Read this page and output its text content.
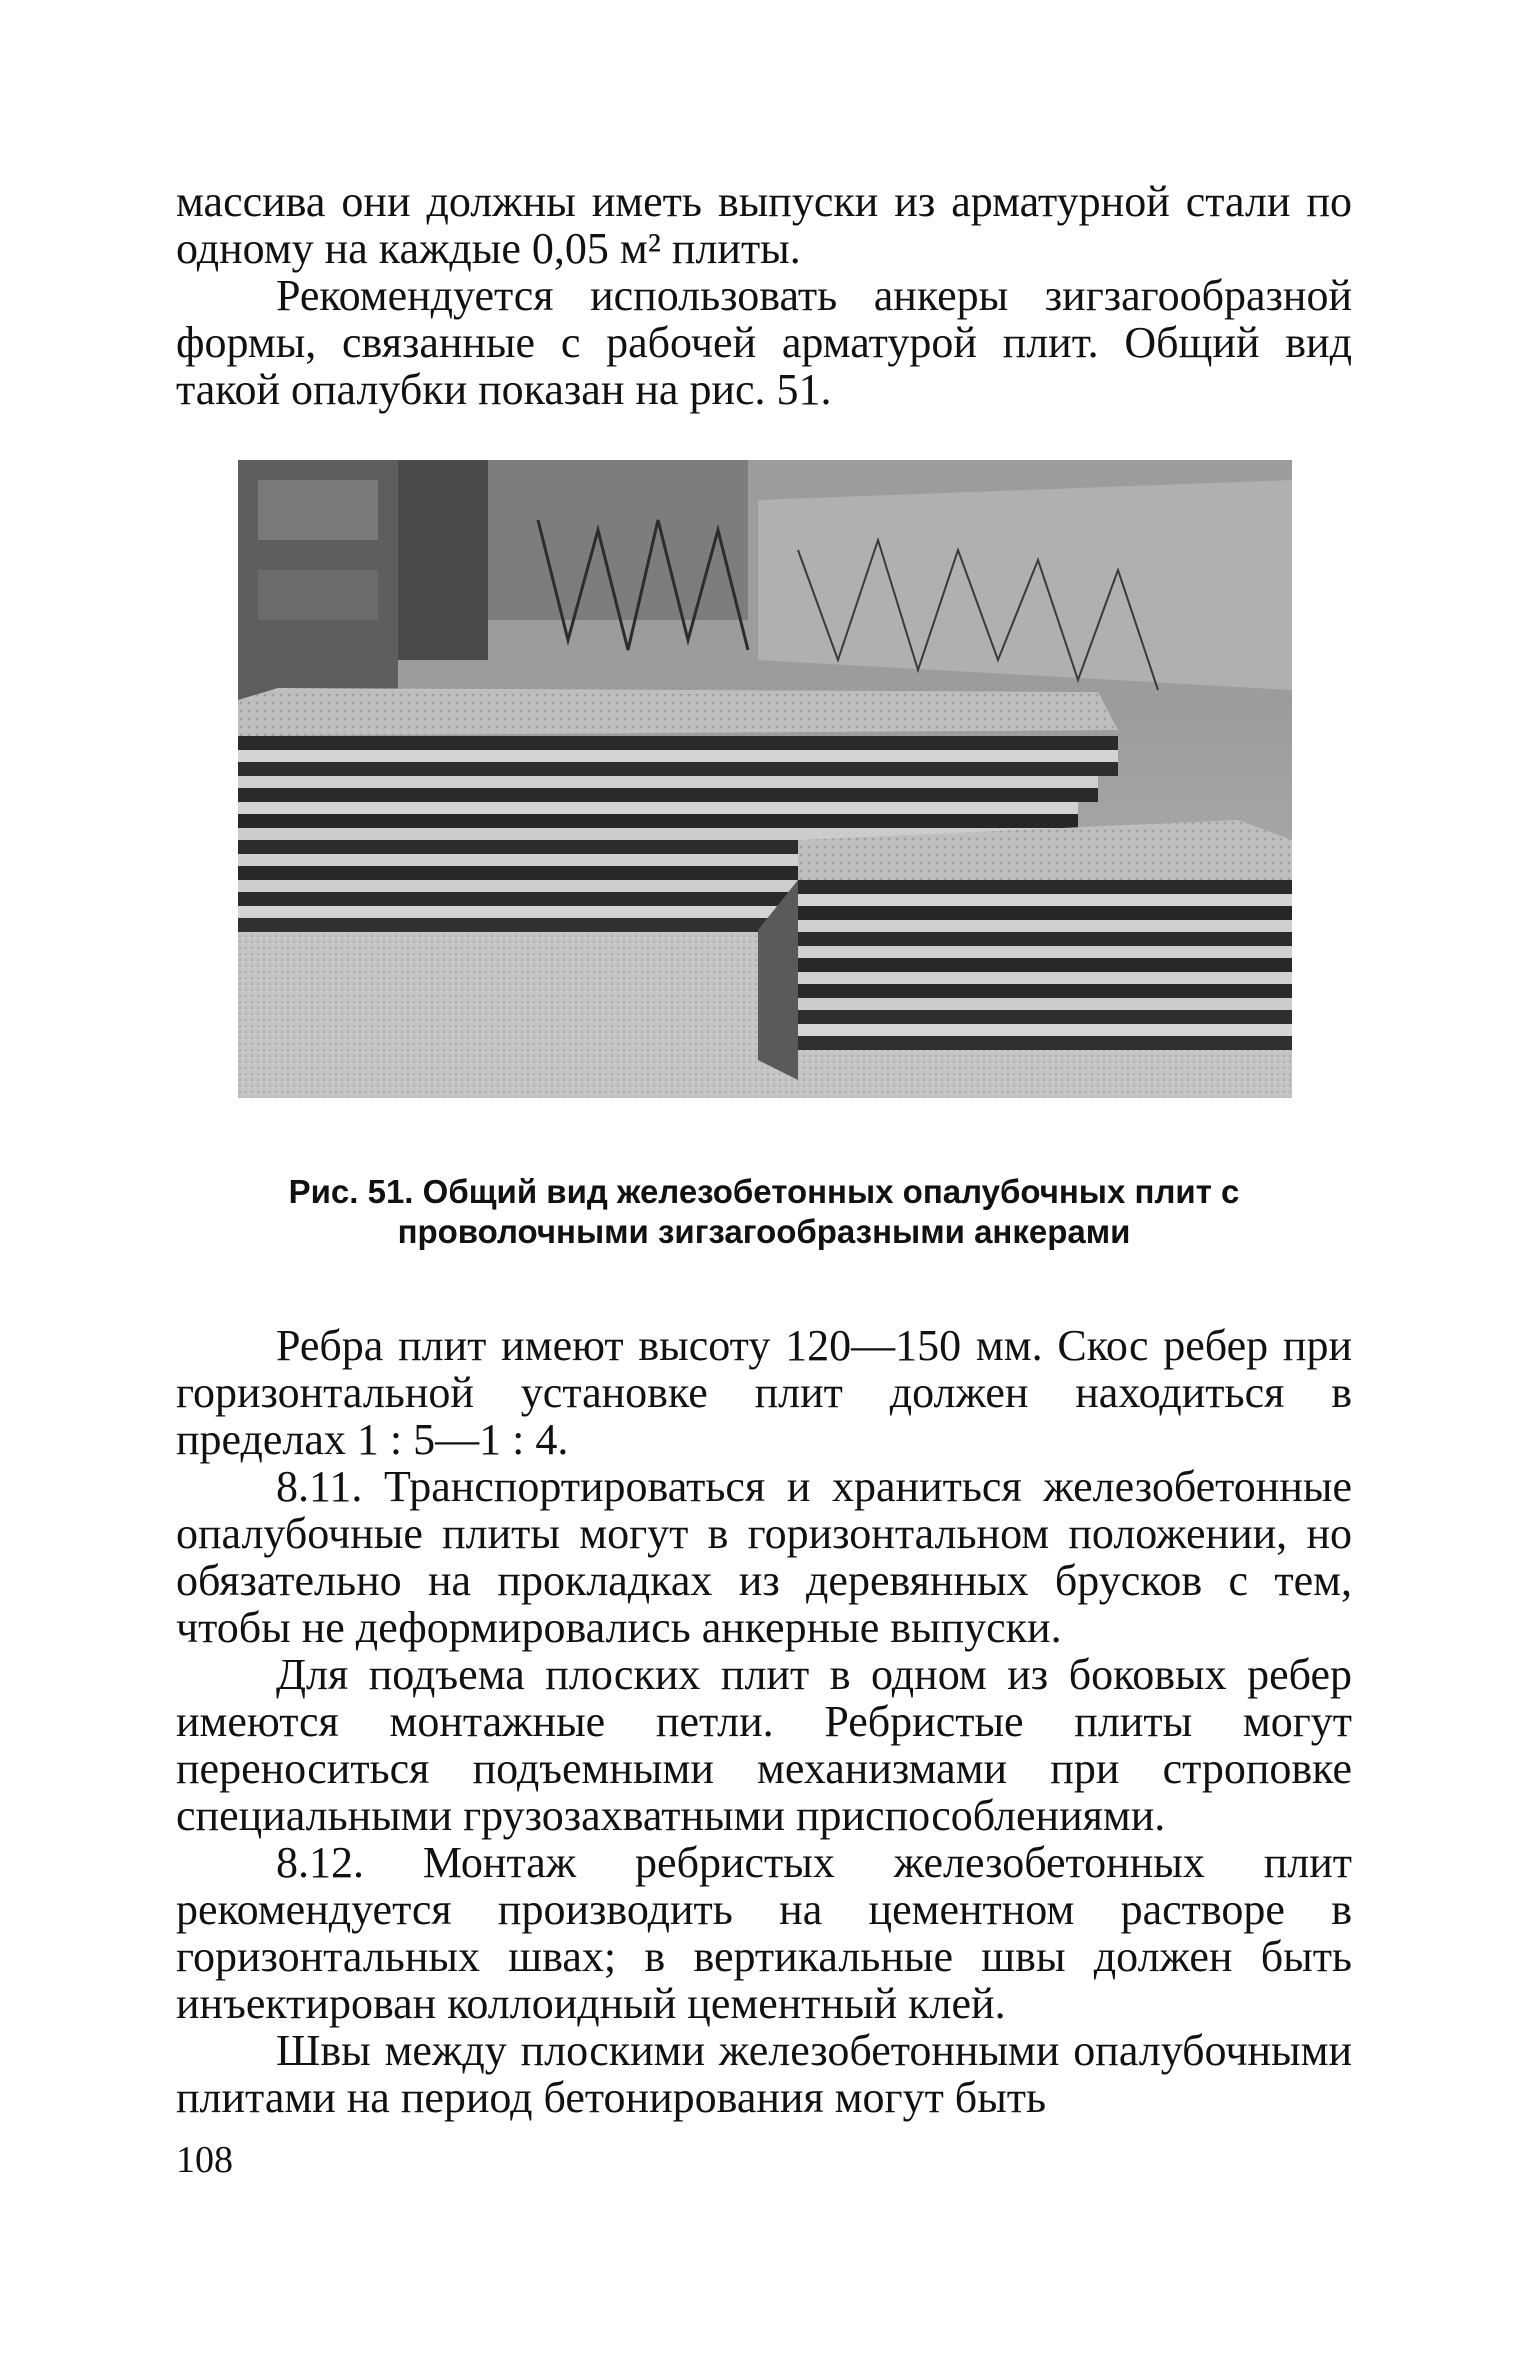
массива они должны иметь выпуски из арматурной стали по одному на каждые 0,05 м² плиты.

Рекомендуется использовать анкеры зигзагообразной формы, связанные с рабочей арматурой плит. Общий вид такой опалубки показан на рис. 51.

Рис. 51. Общий вид железобетонных опалубочных плит с проволочными зигзагообразными анкерами

Ребра плит имеют высоту 120—150 мм. Скос ребер при горизонтальной установке плит должен находиться в пределах 1 : 5—1 : 4.

8.11. Транспортироваться и храниться железобетонные опалубочные плиты могут в горизонтальном положении, но обязательно на прокладках из деревянных брусков с тем, чтобы не деформировались анкерные выпуски.

Для подъема плоских плит в одном из боковых ребер имеются монтажные петли. Ребристые плиты могут переноситься подъемными механизмами при строповке специальными грузозахватными приспособлениями.

8.12. Монтаж ребристых железобетонных плит рекомендуется производить на цементном растворе в горизонтальных швах; в вертикальные швы должен быть инъектирован коллоидный цементный клей.

Швы между плоскими железобетонными опалубочными плитами на период бетонирования могут быть

108
